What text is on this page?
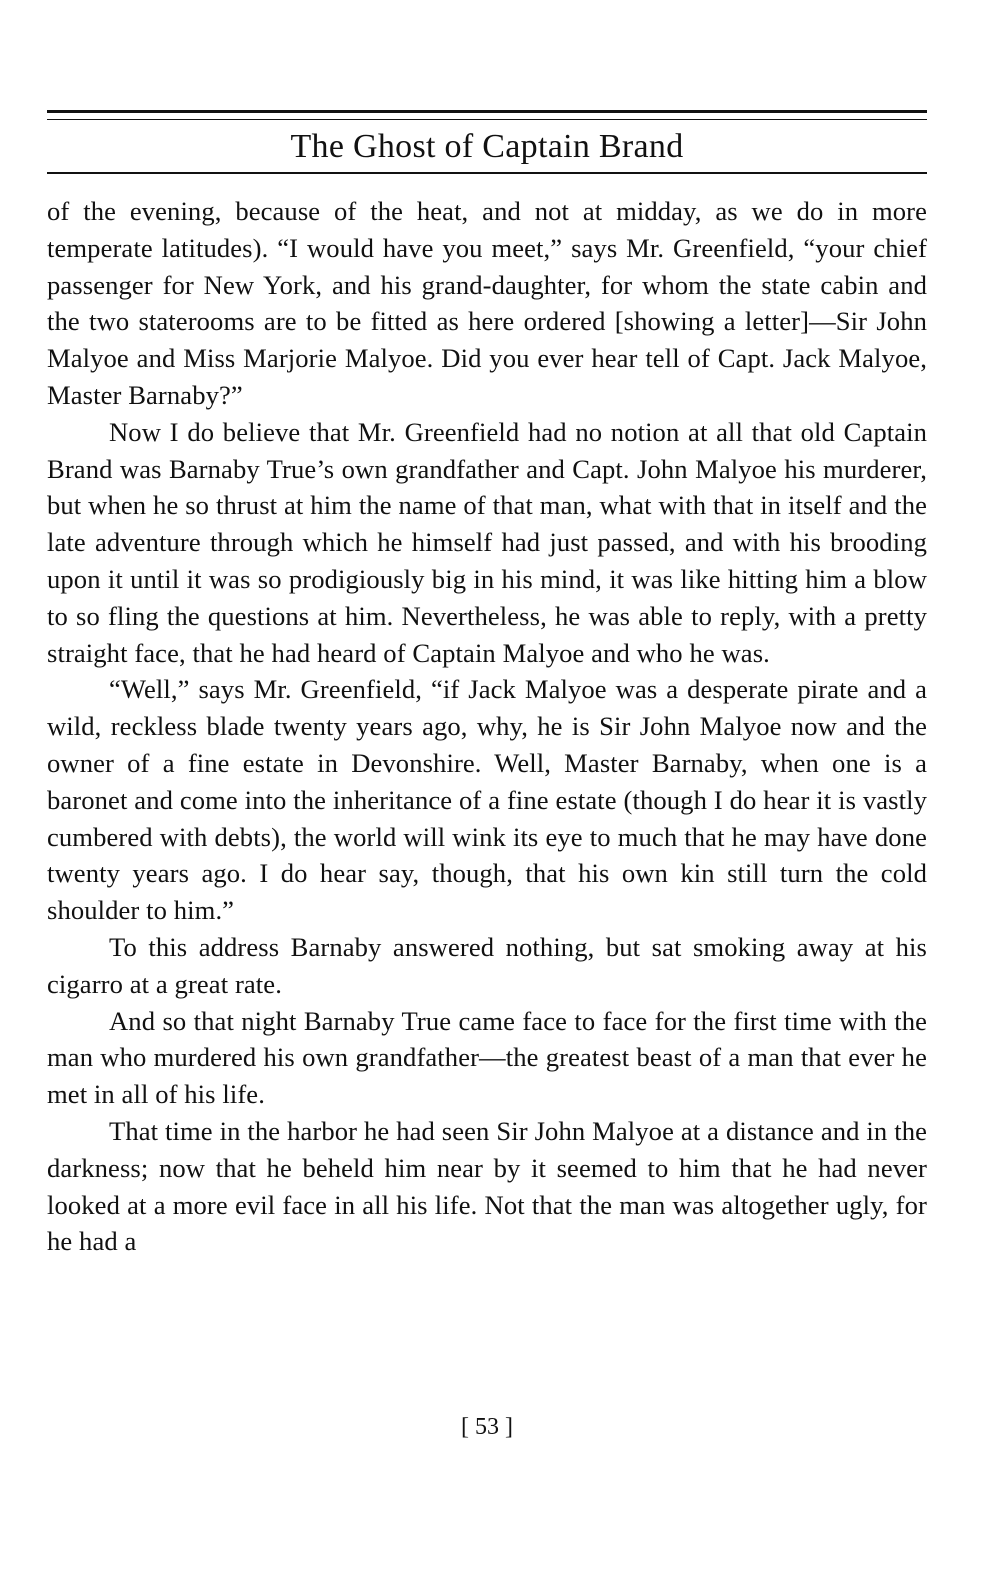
The Ghost of Captain Brand

of the evening, because of the heat, and not at midday, as we do in more temperate latitudes). “I would have you meet,” says Mr. Greenfield, “your chief passenger for New York, and his grand-daughter, for whom the state cabin and the two staterooms are to be fitted as here ordered [showing a letter]—Sir John Malyoe and Miss Marjorie Malyoe. Did you ever hear tell of Capt. Jack Malyoe, Master Barnaby?”

Now I do believe that Mr. Greenfield had no notion at all that old Captain Brand was Barnaby True’s own grandfather and Capt. John Malyoe his murderer, but when he so thrust at him the name of that man, what with that in itself and the late adventure through which he himself had just passed, and with his brooding upon it until it was so prodigiously big in his mind, it was like hitting him a blow to so fling the questions at him. Nevertheless, he was able to reply, with a pretty straight face, that he had heard of Captain Malyoe and who he was.

“Well,” says Mr. Greenfield, “if Jack Malyoe was a desperate pirate and a wild, reckless blade twenty years ago, why, he is Sir John Malyoe now and the owner of a fine estate in Devonshire. Well, Master Barnaby, when one is a baronet and come into the inheritance of a fine estate (though I do hear it is vastly cumbered with debts), the world will wink its eye to much that he may have done twenty years ago. I do hear say, though, that his own kin still turn the cold shoulder to him.”

To this address Barnaby answered nothing, but sat smoking away at his cigarro at a great rate.

And so that night Barnaby True came face to face for the first time with the man who murdered his own grandfather—the greatest beast of a man that ever he met in all of his life.

That time in the harbor he had seen Sir John Malyoe at a distance and in the darkness; now that he beheld him near by it seemed to him that he had never looked at a more evil face in all his life. Not that the man was altogether ugly, for he had a

[ 53 ]
